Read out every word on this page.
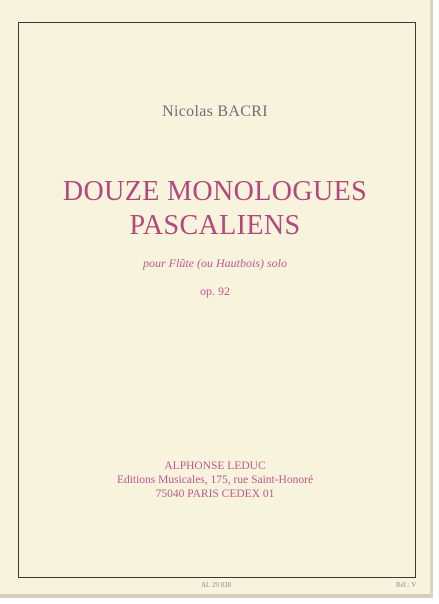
Nicolas BACRI
DOUZE MONOLOGUES
PASCALIENS
pour Flûte (ou Hautbois) solo
op. 92
ALPHONSE LEDUC
Editions Musicales, 175, rue Saint-Honoré
75040 PARIS CEDEX 01
AL 29 838	Réf.: V
